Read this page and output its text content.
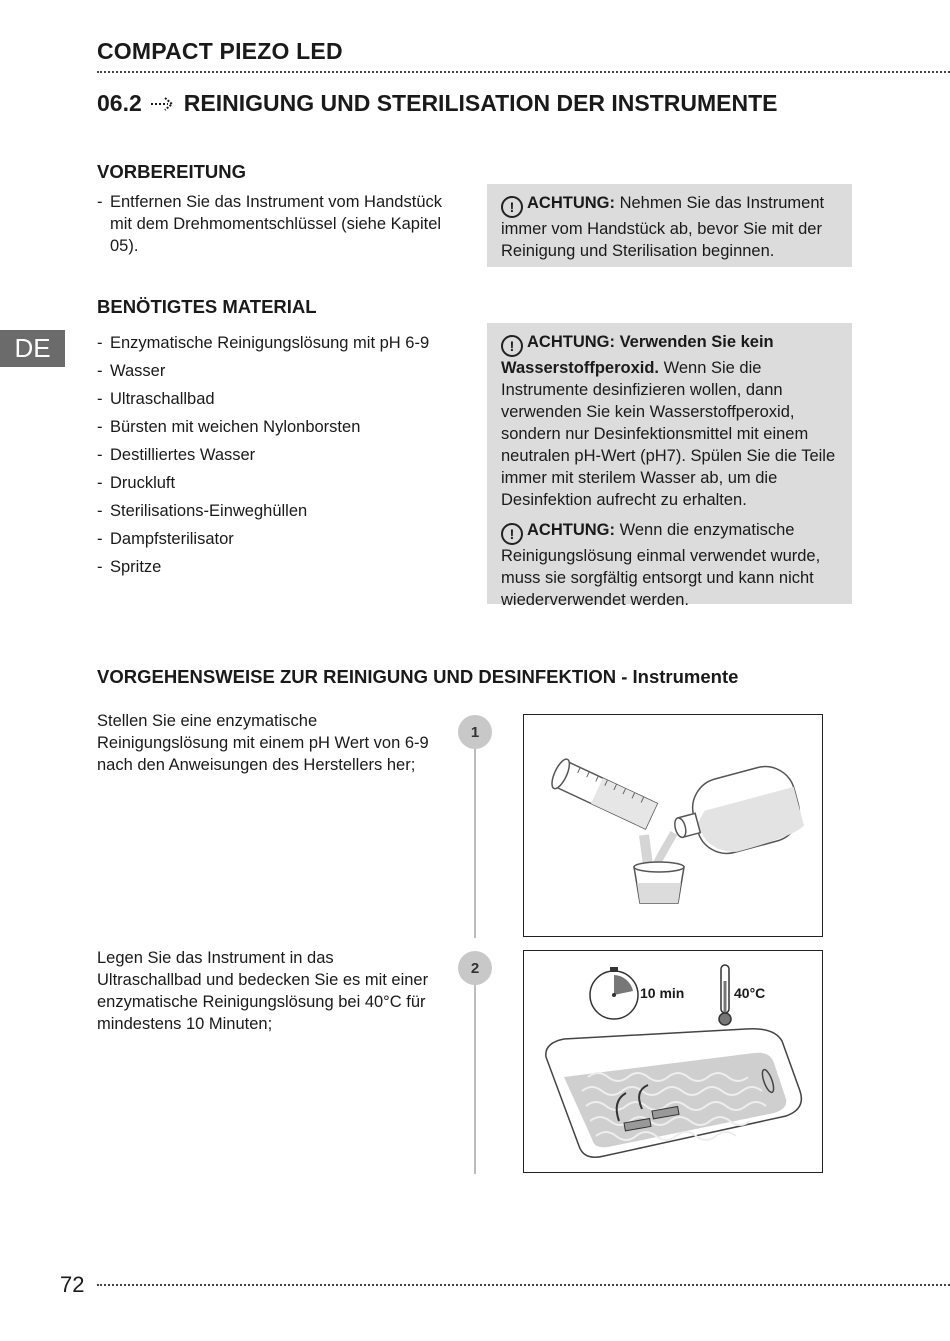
COMPACT PIEZO LED
06.2 REINIGUNG UND STERILISATION DER INSTRUMENTE
DE
VORBEREITUNG
- Entfernen Sie das Instrument vom Handstück mit dem Drehmomentschlüssel (siehe Kapitel 05).

! ACHTUNG: Nehmen Sie das Instrument immer vom Handstück ab, bevor Sie mit der Reinigung und Sterilisation beginnen.

BENÖTIGTES MATERIAL
- Enzymatische Reinigungslösung mit pH 6-9
- Wasser
- Ultraschallbad
- Bürsten mit weichen Nylonborsten
- Destilliertes Wasser
- Druckluft
- Sterilisations-Einweghüllen
- Dampfsterilisator
- Spritze

! ACHTUNG: Verwenden Sie kein Wasserstoffperoxid. Wenn Sie die Instrumente desinfizieren wollen, dann verwenden Sie kein Wasserstoffperoxid, sondern nur Desinfektionsmittel mit einem neutralen pH-Wert (pH7). Spülen Sie die Teile immer mit sterilem Wasser ab, um die Desinfektion aufrecht zu erhalten.

! ACHTUNG: Wenn die enzymatische Reinigungslösung einmal verwendet wurde, muss sie sorgfältig entsorgt und kann nicht wiederverwendet werden.

VORGEHENSWEISE ZUR REINIGUNG UND DESINFEKTION - Instrumente
Stellen Sie eine enzymatische Reinigungslösung mit einem pH Wert von 6-9 nach den Anweisungen des Herstellers her;
1
Legen Sie das Instrument in das Ultraschallbad und bedecken Sie es mit einer enzymatische Reinigungslösung bei 40°C für mindestens 10 Minuten;
2
10 min	40°C
72
